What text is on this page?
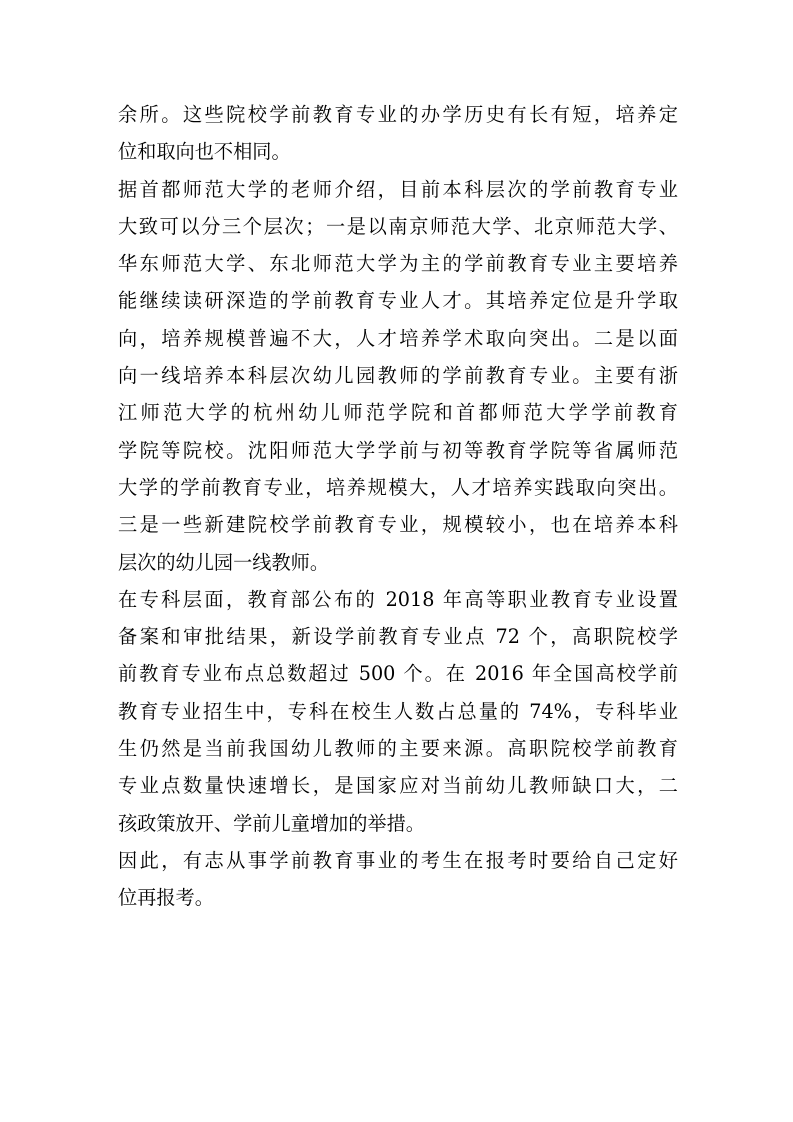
余所。这些院校学前教育专业的办学历史有长有短，培养定
位和取向也不相同。
据首都师范大学的老师介绍，目前本科层次的学前教育专业
大致可以分三个层次；一是以南京师范大学、北京师范大学、
华东师范大学、东北师范大学为主的学前教育专业主要培养
能继续读研深造的学前教育专业人才。其培养定位是升学取
向，培养规模普遍不大，人才培养学术取向突出。二是以面
向一线培养本科层次幼儿园教师的学前教育专业。主要有浙
江师范大学的杭州幼儿师范学院和首都师范大学学前教育
学院等院校。沈阳师范大学学前与初等教育学院等省属师范
大学的学前教育专业，培养规模大，人才培养实践取向突出。
三是一些新建院校学前教育专业，规模较小，也在培养本科
层次的幼儿园一线教师。
在专科层面，教育部公布的 2018 年高等职业教育专业设置
备案和审批结果，新设学前教育专业点 72 个，高职院校学
前教育专业布点总数超过 500 个。在 2016 年全国高校学前
教育专业招生中，专科在校生人数占总量的 74%，专科毕业
生仍然是当前我国幼儿教师的主要来源。高职院校学前教育
专业点数量快速增长，是国家应对当前幼儿教师缺口大，二
孩政策放开、学前儿童增加的举措。
因此，有志从事学前教育事业的考生在报考时要给自己定好
位再报考。
